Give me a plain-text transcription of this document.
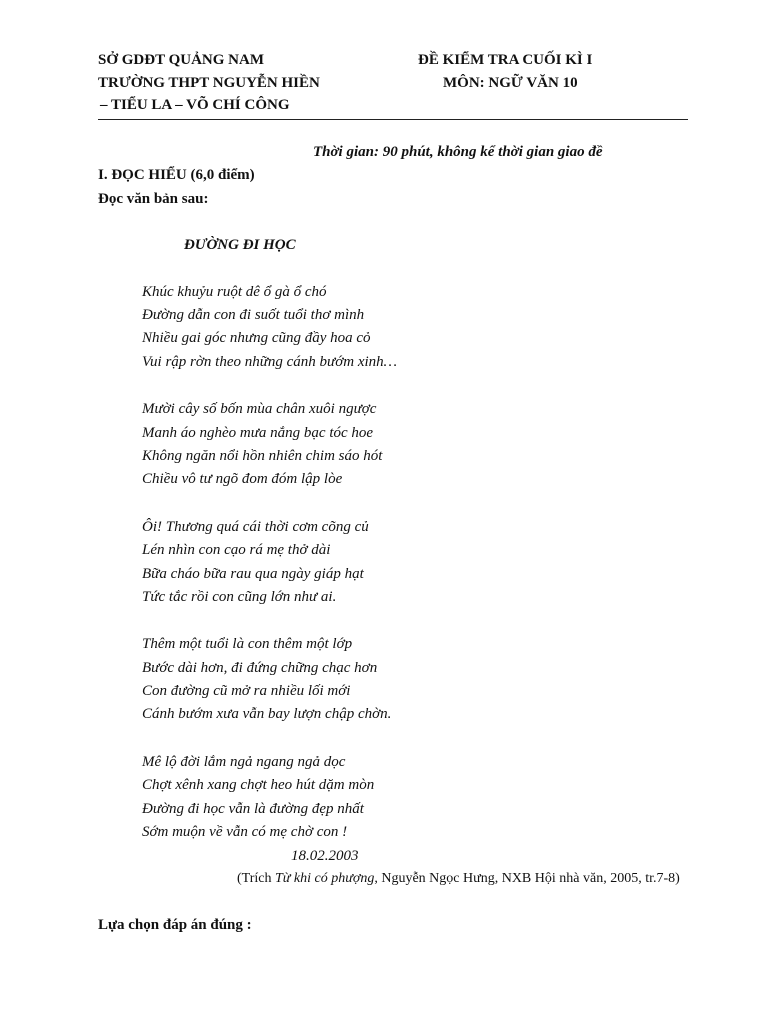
SỞ GDĐT QUẢNG NAM
TRƯỜNG THPT NGUYỄN HIỀN
– TIỂU LA – VÕ CHÍ CÔNG
ĐỀ KIỂM TRA CUỐI KÌ I
MÔN: NGỮ VĂN 10
Thời gian: 90 phút, không kể thời gian giao đề
I. ĐỌC HIỂU (6,0 điểm)
Đọc văn bản sau:
ĐƯỜNG ĐI HỌC
Khúc khuỷu ruột dê ổ gà ổ chó
Đường dẫn con đi suốt tuổi thơ mình
Nhiều gai góc nhưng cũng đầy hoa cỏ
Vui rập rờn theo những cánh bướm xinh…
Mười cây số bốn mùa chân xuôi ngược
Manh áo nghèo mưa nắng bạc tóc hoe
Không ngăn nổi hồn nhiên chim sáo hót
Chiều vô tư ngõ đom đóm lập lòe
Ôi! Thương quá cái thời cơm cõng củ
Lén nhìn con cạo rá mẹ thở dài
Bữa cháo bữa rau qua ngày giáp hạt
Tức tắc rồi con cũng lớn như ai.
Thêm một tuổi là con thêm một lớp
Bước dài hơn, đi đứng chững chạc hơn
Con đường cũ mở ra nhiều lối mới
Cánh bướm xưa vẫn bay lượn chập chờn.
Mê lộ đời lắm ngả ngang ngả dọc
Chợt xênh xang chợt heo hút dặm mòn
Đường đi học vẫn là đường đẹp nhất
Sớm muộn về vẫn có mẹ chờ con !
18.02.2003
(Trích Từ khi có phượng, Nguyễn Ngọc Hưng, NXB Hội nhà văn, 2005, tr.7-8)
Lựa chọn đáp án đúng :
